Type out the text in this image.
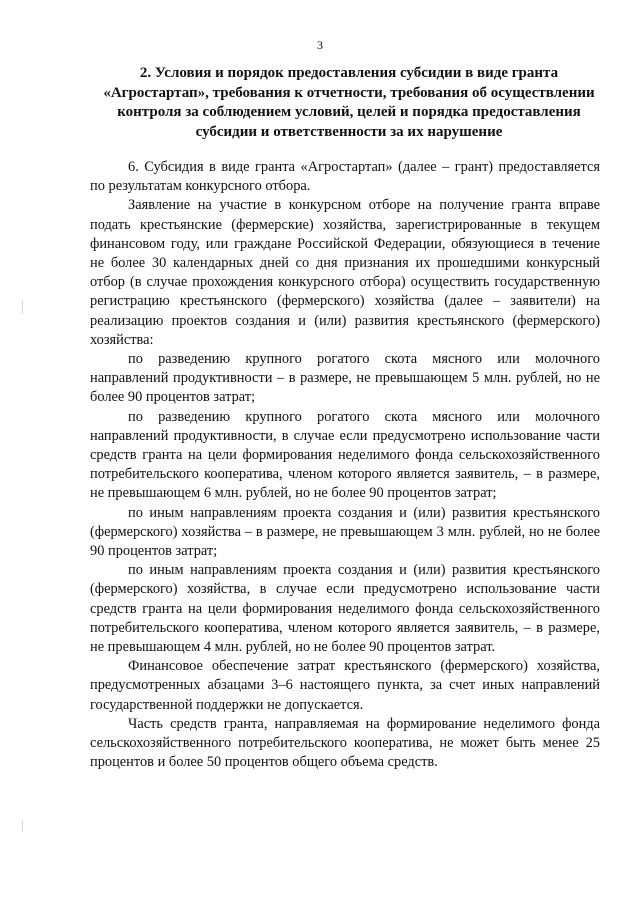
3
2. Условия и порядок предоставления субсидии в виде гранта
«Агростартап», требования к отчетности, требования об осуществлении
контроля за соблюдением условий, целей и порядка предоставления
субсидии и ответственности за их нарушение

6. Субсидия в виде гранта «Агростартап» (далее – грант) предоставляется по результатам конкурсного отбора.

Заявление на участие в конкурсном отборе на получение гранта вправе подать крестьянские (фермерские) хозяйства, зарегистрированные в текущем финансовом году, или граждане Российской Федерации, обязующиеся в течение не более 30 календарных дней со дня признания их прошедшими конкурсный отбор (в случае прохождения конкурсного отбора) осуществить государственную регистрацию крестьянского (фермерского) хозяйства (далее – заявители) на реализацию проектов создания и (или) развития крестьянского (фермерского) хозяйства:

по разведению крупного рогатого скота мясного или молочного направлений продуктивности – в размере, не превышающем 5 млн. рублей, но не более 90 процентов затрат;

по разведению крупного рогатого скота мясного или молочного направлений продуктивности, в случае если предусмотрено использование части средств гранта на цели формирования неделимого фонда сельскохозяйственного потребительского кооператива, членом которого является заявитель, – в размере, не превышающем 6 млн. рублей, но не более 90 процентов затрат;

по иным направлениям проекта создания и (или) развития крестьянского (фермерского) хозяйства – в размере, не превышающем 3 млн. рублей, но не более 90 процентов затрат;

по иным направлениям проекта создания и (или) развития крестьянского (фермерского) хозяйства, в случае если предусмотрено использование части средств гранта на цели формирования неделимого фонда сельскохозяйственного потребительского кооператива, членом которого является заявитель, – в размере, не превышающем 4 млн. рублей, но не более 90 процентов затрат.

Финансовое обеспечение затрат крестьянского (фермерского) хозяйства, предусмотренных абзацами 3–6 настоящего пункта, за счет иных направлений государственной поддержки не допускается.

Часть средств гранта, направляемая на формирование неделимого фонда сельскохозяйственного потребительского кооператива, не может быть менее 25 процентов и более 50 процентов общего объема средств.
